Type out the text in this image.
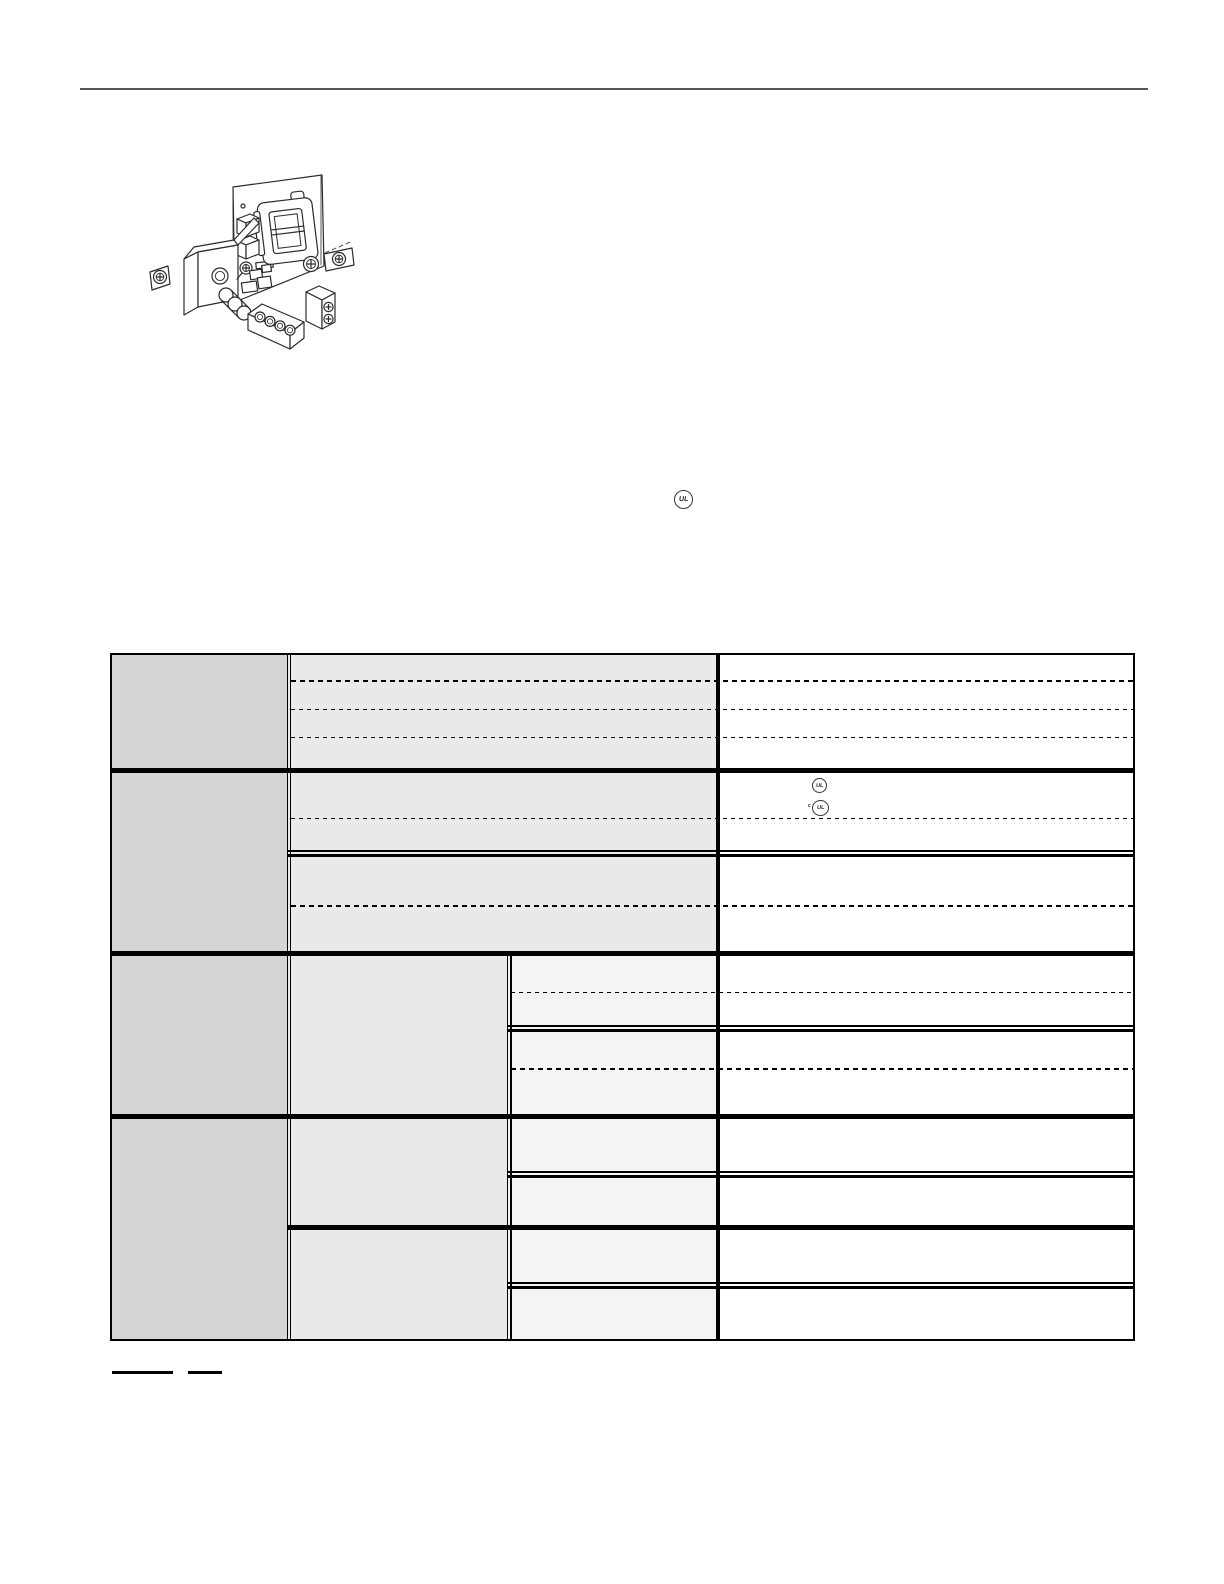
UL
UL
c UL
